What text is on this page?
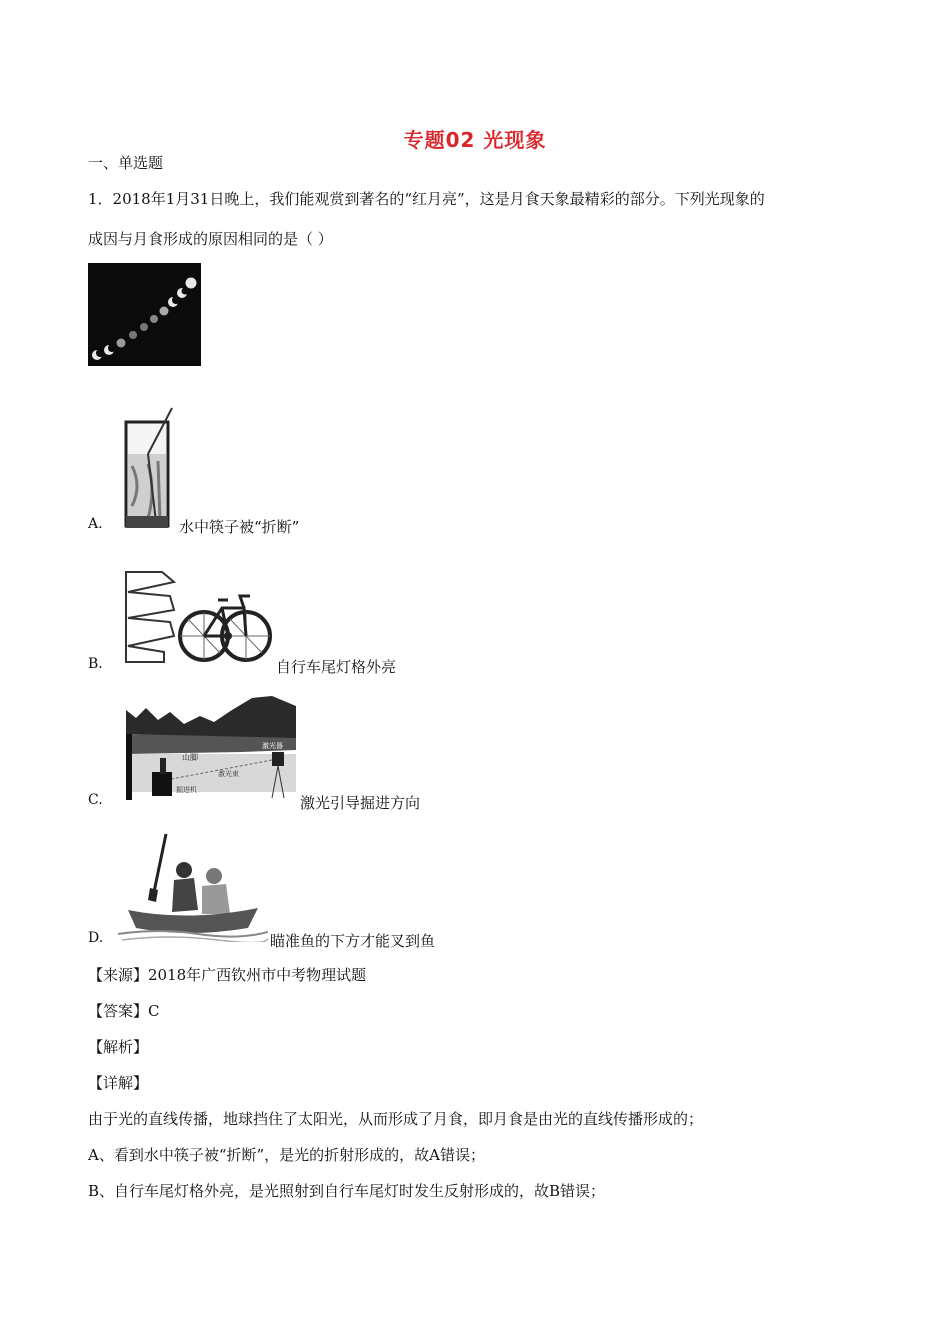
专题02 光现象
一、单选题
1．2018年1月31日晚上，我们能观赏到著名的“红月亮”，这是月食天象最精彩的部分。下列光现象的
成因与月食形成的原因相同的是（ ）
A.	水中筷子被“折断”
B.	自行车尾灯格外亮
山脚
激光器
激光束
掘进机
C.	激光引导掘进方向
D.	瞄准鱼的下方才能叉到鱼
【来源】2018年广西钦州市中考物理试题
【答案】C
【解析】
【详解】
由于光的直线传播，地球挡住了太阳光，从而形成了月食，即月食是由光的直线传播形成的；
A、看到水中筷子被“折断”，是光的折射形成的，故A错误；
B、自行车尾灯格外亮，是光照射到自行车尾灯时发生反射形成的，故B错误；
